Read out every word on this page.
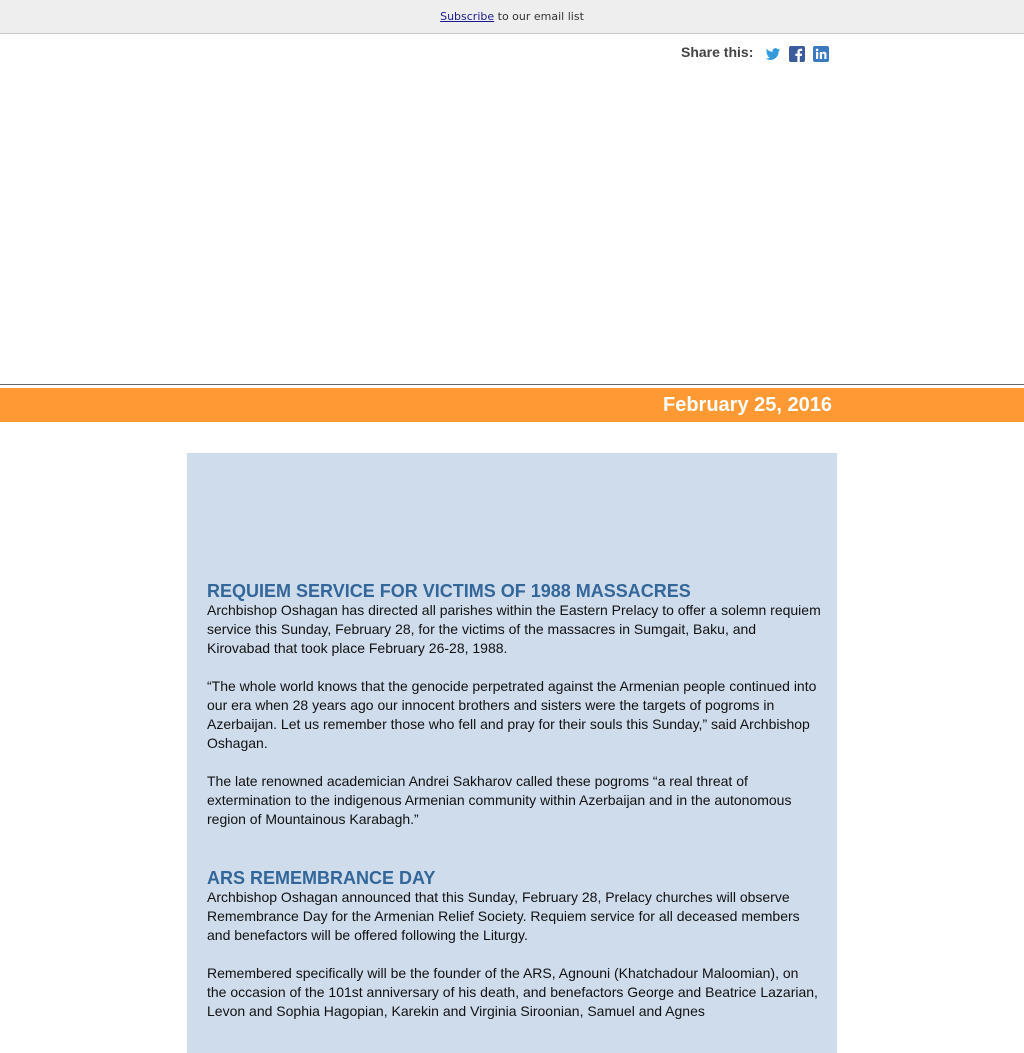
Subscribe to our email list
Share this:
February 25, 2016
REQUIEM SERVICE FOR VICTIMS OF 1988 MASSACRES

Archbishop Oshagan has directed all parishes within the Eastern Prelacy to offer a solemn requiem service this Sunday, February 28, for the victims of the massacres in Sumgait, Baku, and Kirovabad that took place February 26-28, 1988.

“The whole world knows that the genocide perpetrated against the Armenian people continued into our era when 28 years ago our innocent brothers and sisters were the targets of pogroms in Azerbaijan. Let us remember those who fell and pray for their souls this Sunday,” said Archbishop Oshagan.

The late renowned academician Andrei Sakharov called these pogroms “a real threat of extermination to the indigenous Armenian community within Azerbaijan and in the autonomous region of Mountainous Karabagh.”

ARS REMEMBRANCE DAY

Archbishop Oshagan announced that this Sunday, February 28, Prelacy churches will observe Remembrance Day for the Armenian Relief Society. Requiem service for all deceased members and benefactors will be offered following the Liturgy.

Remembered specifically will be the founder of the ARS, Agnouni (Khatchadour Maloomian), on the occasion of the 101st anniversary of his death, and benefactors George and Beatrice Lazarian, Levon and Sophia Hagopian, Karekin and Virginia Siroonian, Samuel and Agnes
